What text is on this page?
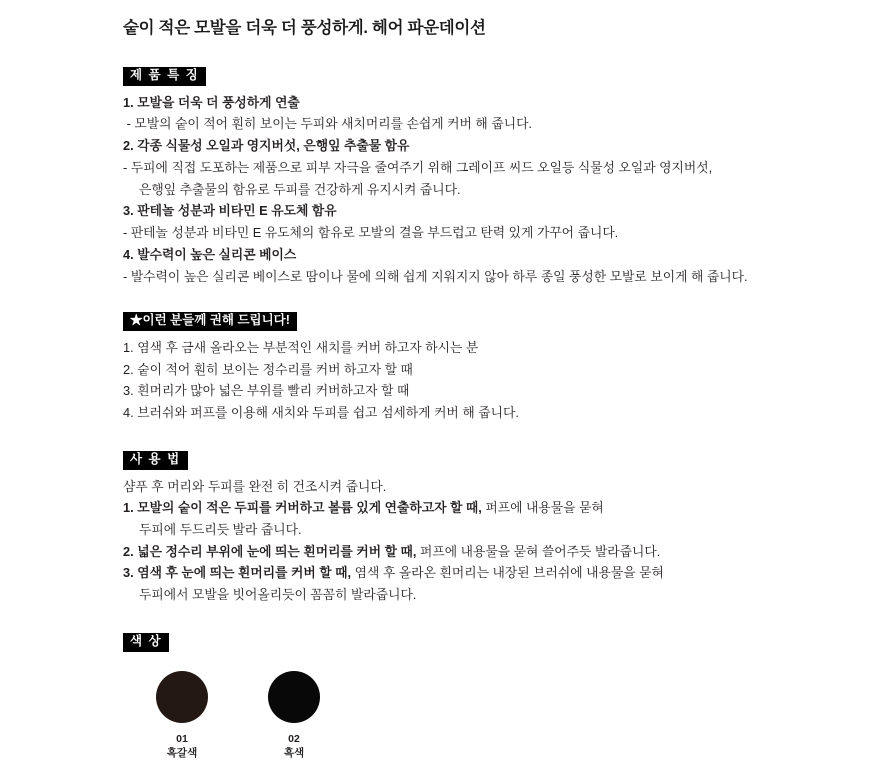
숱이 적은 모발을 더욱 더 풍성하게. 헤어 파운데이션
제 품 특 징

1. 모발을 더욱 더 풍성하게 연출

- 모발의 숱이 적어 훤히 보이는 두피와 새치머리를 손쉽게 커버 해 줍니다.

2. 각종 식물성 오일과 영지버섯, 은행잎 추출물 함유

- 두피에 직접 도포하는 제품으로 피부 자극을 줄여주기 위해 그레이프 씨드 오일등 식물성 오일과 영지버섯,

은행잎 추출물의 함유로 두피를 건강하게 유지시켜 줍니다.

3. 판테놀 성분과 비타민 E 유도체 함유

- 판테놀 성분과 비타민 E 유도체의 함유로 모발의 결을 부드럽고 탄력 있게 가꾸어 줍니다.

4. 발수력이 높은 실리콘 베이스

- 발수력이 높은 실리콘 베이스로 땀이나 물에 의해 쉽게 지워지지 않아 하루 종일 풍성한 모발로 보이게 해 줍니다.

★이런 분들께 권해 드립니다!

1. 염색 후 금새 올라오는 부분적인 새치를 커버 하고자 하시는 분

2. 숱이 적어 훤히 보이는 정수리를 커버 하고자 할 때

3. 흰머리가 많아 넓은 부위를 빨리 커버하고자 할 때

4. 브러쉬와 퍼프를 이용해 새치와 두피를 쉽고 섬세하게 커버 해 줍니다.

사 용 법

샴푸 후 머리와 두피를 완전 히 건조시켜 줍니다.

1. 모발의 숱이 적은 두피를 커버하고 볼륨 있게 연출하고자 할 때, 퍼프에 내용물을 묻혀

두피에 두드리듯 발라 줍니다.

2. 넓은 정수리 부위에 눈에 띄는 흰머리를 커버 할 때, 퍼프에 내용물을 묻혀 쓸어주듯 발라줍니다.

3. 염색 후 눈에 띄는 흰머리를 커버 할 때, 염색 후 올라온 흰머리는 내장된 브러쉬에 내용물을 묻혀

두피에서 모발을 빗어올리듯이 꼼꼼히 발라줍니다.

색 상
01
흑갈색
02
흑색
